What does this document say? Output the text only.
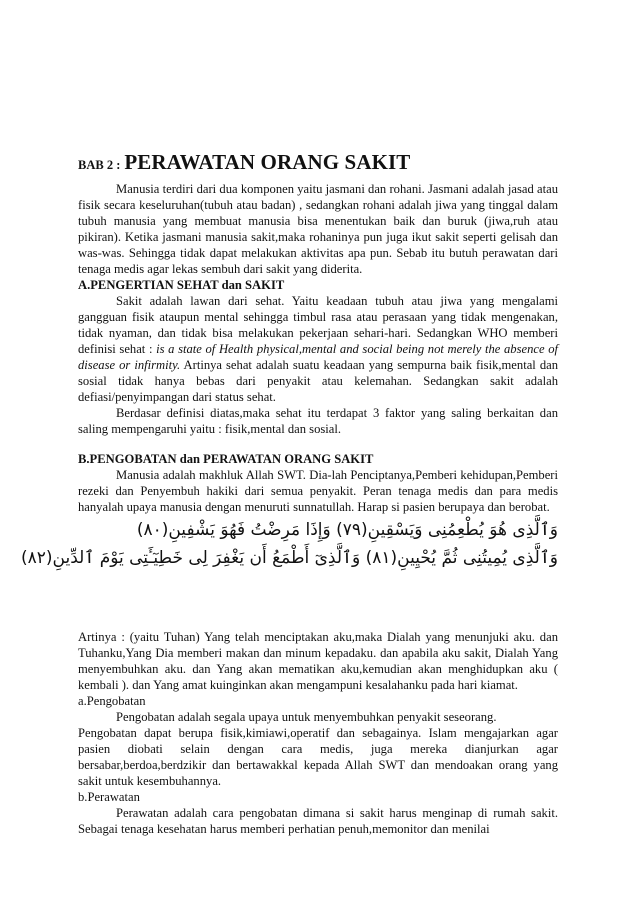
BAB 2 : PERAWATAN ORANG SAKIT

Manusia terdiri dari dua komponen yaitu jasmani dan rohani. Jasmani adalah jasad atau fisik secara keseluruhan(tubuh atau badan) , sedangkan rohani adalah jiwa yang tinggal dalam tubuh manusia yang membuat manusia bisa menentukan baik dan buruk (jiwa,ruh atau pikiran). Ketika jasmani manusia sakit,maka rohaninya pun juga ikut sakit seperti gelisah dan was-was. Sehingga tidak dapat melakukan aktivitas apa pun. Sebab itu butuh perawatan dari tenaga medis agar lekas sembuh dari sakit yang diderita.

A.PENGERTIAN SEHAT dan SAKIT

Sakit adalah lawan dari sehat. Yaitu keadaan tubuh atau jiwa yang mengalami gangguan fisik ataupun mental sehingga timbul rasa atau perasaan yang tidak mengenakan, tidak nyaman, dan tidak bisa melakukan pekerjaan sehari-hari. Sedangkan WHO memberi definisi sehat : is a state of Health physical,mental and social being not merely the absence of disease or infirmity. Artinya sehat adalah suatu keadaan yang sempurna baik fisik,mental dan sosial tidak hanya bebas dari penyakit atau kelemahan. Sedangkan sakit adalah defiasi/penyimpangan dari status sehat.

Berdasar definisi diatas,maka sehat itu terdapat 3 faktor yang saling berkaitan dan saling mempengaruhi yaitu : fisik,mental dan sosial.

B.PENGOBATAN dan PERAWATAN ORANG SAKIT

Manusia adalah makhluk Allah SWT. Dia-lah Penciptanya,Pemberi kehidupan,Pemberi rezeki dan Penyembuh hakiki dari semua penyakit. Peran tenaga medis dan para medis hanyalah upaya manusia dengan menuruti sunnatullah. Harap si pasien berupaya dan berobat.

وَٱلَّذِى هُوَ يُطْعِمُنِى وَيَسْقِينِ(٧٩) وَإِذَا مَرِضْتُ فَهُوَ يَشْفِينِ(٨٠)

وَٱلَّذِى يُمِيتُنِى ثُمَّ يُحْيِينِ(٨١) وَٱلَّذِىٓ أَطْمَعُ أَن يَغْفِرَ لِى خَطِيٓـَٔتِى يَوْمَ ٱلدِّينِ(٨٢)

Artinya : (yaitu Tuhan) Yang telah menciptakan aku,maka Dialah yang menunjuki aku. dan Tuhanku,Yang Dia memberi makan dan minum kepadaku. dan apabila aku sakit, Dialah Yang menyembuhkan aku. dan Yang akan mematikan aku,kemudian akan menghidupkan aku ( kembali ). dan Yang amat kuinginkan akan mengampuni kesalahanku pada hari kiamat.

a.Pengobatan

Pengobatan adalah segala upaya untuk menyembuhkan penyakit seseorang.

Pengobatan dapat berupa fisik,kimiawi,operatif dan sebagainya. Islam mengajarkan agar pasien diobati selain dengan cara medis, juga mereka dianjurkan agar bersabar,berdoa,berdzikir dan bertawakkal kepada Allah SWT dan mendoakan orang yang sakit untuk kesembuhannya.

b.Perawatan

Perawatan adalah cara pengobatan dimana si sakit harus menginap di rumah sakit. Sebagai tenaga kesehatan harus memberi perhatian penuh,memonitor dan menilai
